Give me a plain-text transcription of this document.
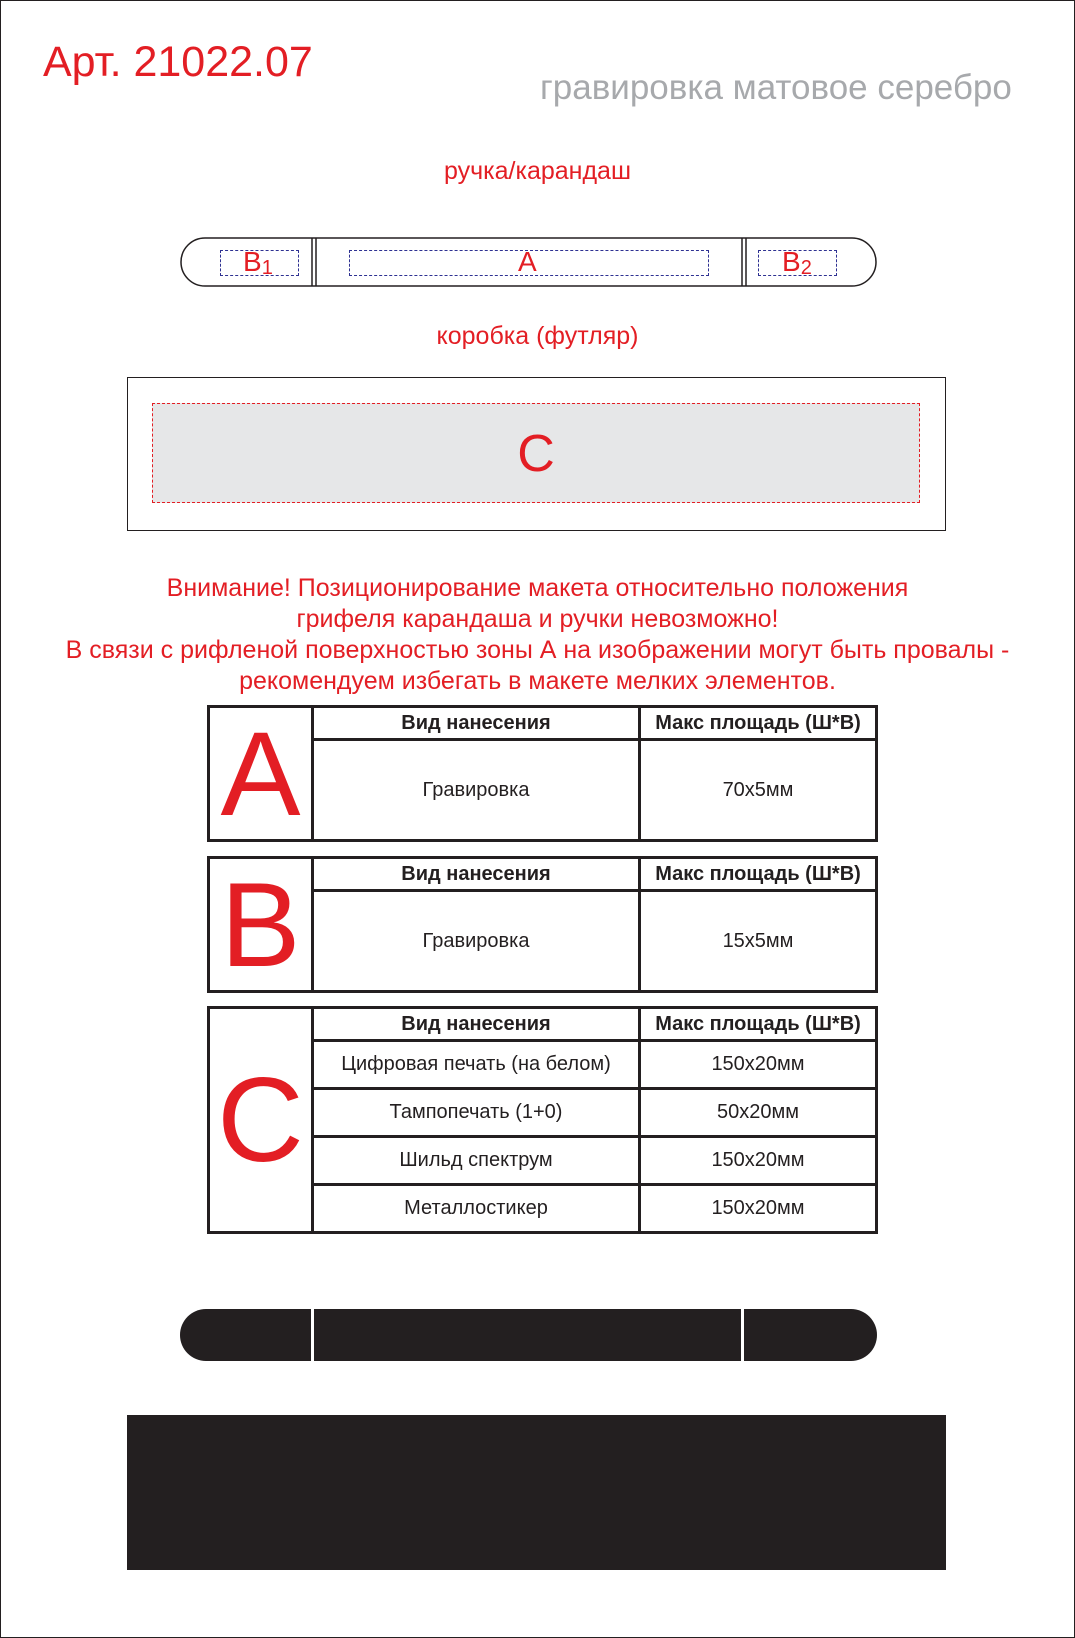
Арт. 21022.07
гравировка матовое серебро
ручка/карандаш
$B_1$	A	$B_2$
коробка (футляр)
C
Внимание! Позиционирование макета относительно положения
грифеля карандаша и ручки невозможно!
В связи с рифленой поверхностью зоны А на изображении могут быть провалы -
рекомендуем избегать в макете мелких элементов.
A	Вид нанесения	Макс площадь (Ш*В)
	Гравировка	70x5мм
B	Вид нанесения	Макс площадь (Ш*В)
	Гравировка	15x5мм
C	Вид нанесения	Макс площадь (Ш*В)
	Цифровая печать (на белом)	150x20мм
	Тампопечать (1+0)	50x20мм
	Шильд спектрум	150x20мм
	Металлостикер	150x20мм
